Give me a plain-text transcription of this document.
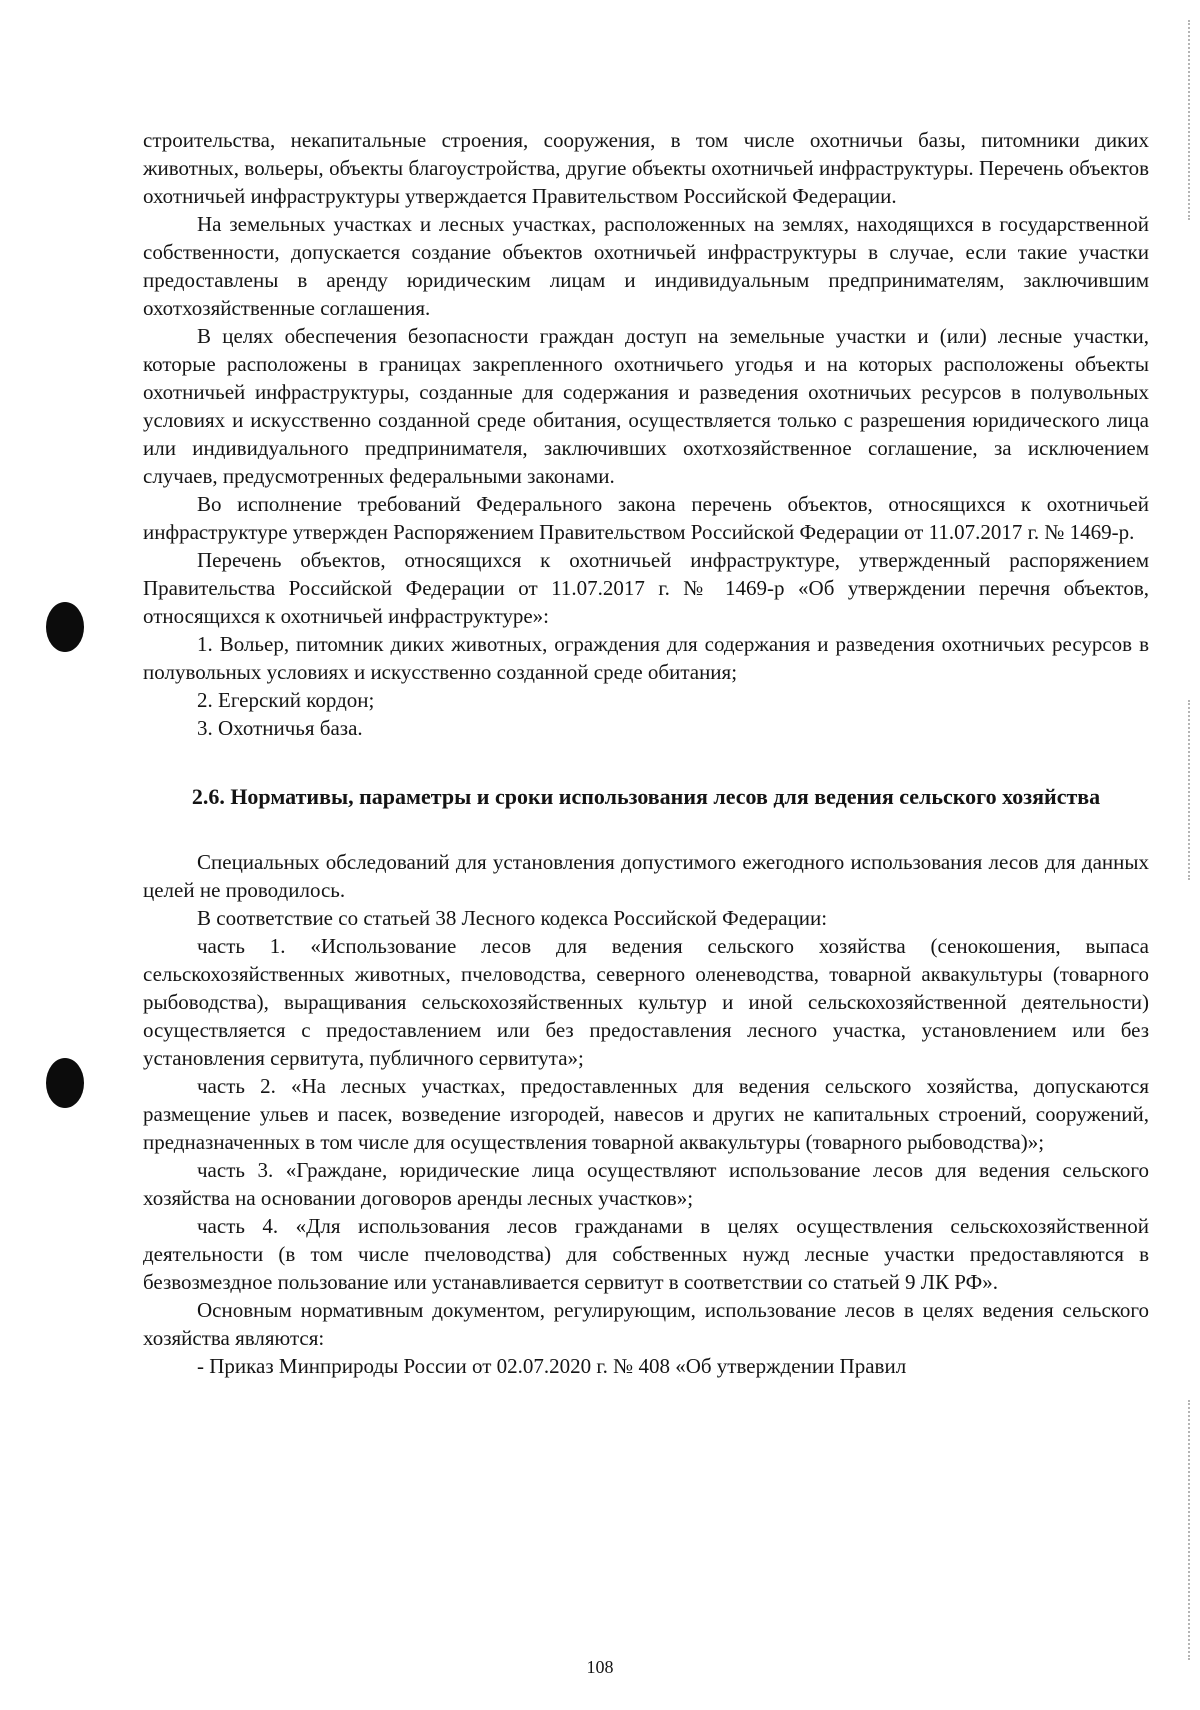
строительства, некапитальные строения, сооружения, в том числе охотничьи базы, питомники диких животных, вольеры, объекты благоустройства, другие объекты охотничьей инфраструктуры. Перечень объектов охотничьей инфраструктуры утверждается Правительством Российской Федерации.

На земельных участках и лесных участках, расположенных на землях, находящихся в государственной собственности, допускается создание объектов охотничьей инфраструктуры в случае, если такие участки предоставлены в аренду юридическим лицам и индивидуальным предпринимателям, заключившим охотхозяйственные соглашения.

В целях обеспечения безопасности граждан доступ на земельные участки и (или) лесные участки, которые расположены в границах закрепленного охотничьего угодья и на которых расположены объекты охотничьей инфраструктуры, созданные для содержания и разведения охотничьих ресурсов в полувольных условиях и искусственно созданной среде обитания, осуществляется только с разрешения юридического лица или индивидуального предпринимателя, заключивших охотхозяйственное соглашение, за исключением случаев, предусмотренных федеральными законами.

Во исполнение требований Федерального закона перечень объектов, относящихся к охотничьей инфраструктуре утвержден Распоряжением Правительством Российской Федерации от 11.07.2017 г. № 1469-р.

Перечень объектов, относящихся к охотничьей инфраструктуре, утвержденный распоряжением Правительства Российской Федерации от 11.07.2017 г. № 1469-р «Об утверждении перечня объектов, относящихся к охотничьей инфраструктуре»:

1. Вольер, питомник диких животных, ограждения для содержания и разведения охотничьих ресурсов в полувольных условиях и искусственно созданной среде обитания;

2. Егерский кордон;

3. Охотничья база.

2.6. Нормативы, параметры и сроки использования лесов для ведения сельского хозяйства

Специальных обследований для установления допустимого ежегодного использования лесов для данных целей не проводилось.

В соответствие со статьей 38 Лесного кодекса Российской Федерации:

часть 1. «Использование лесов для ведения сельского хозяйства (сенокошения, выпаса сельскохозяйственных животных, пчеловодства, северного оленеводства, товарной аквакультуры (товарного рыбоводства), выращивания сельскохозяйственных культур и иной сельскохозяйственной деятельности) осуществляется с предоставлением или без предоставления лесного участка, установлением или без установления сервитута, публичного сервитута»;

часть 2. «На лесных участках, предоставленных для ведения сельского хозяйства, допускаются размещение ульев и пасек, возведение изгородей, навесов и других не капитальных строений, сооружений, предназначенных в том числе для осуществления товарной аквакультуры (товарного рыбоводства)»;

часть 3. «Граждане, юридические лица осуществляют использование лесов для ведения сельского хозяйства на основании договоров аренды лесных участков»;

часть 4. «Для использования лесов гражданами в целях осуществления сельскохозяйственной деятельности (в том числе пчеловодства) для собственных нужд лесные участки предоставляются в безвозмездное пользование или устанавливается сервитут в соответствии со статьей 9 ЛК РФ».

Основным нормативным документом, регулирующим, использование лесов в целях ведения сельского хозяйства являются:

- Приказ Минприроды России от 02.07.2020 г. № 408 «Об утверждении Правил

108
